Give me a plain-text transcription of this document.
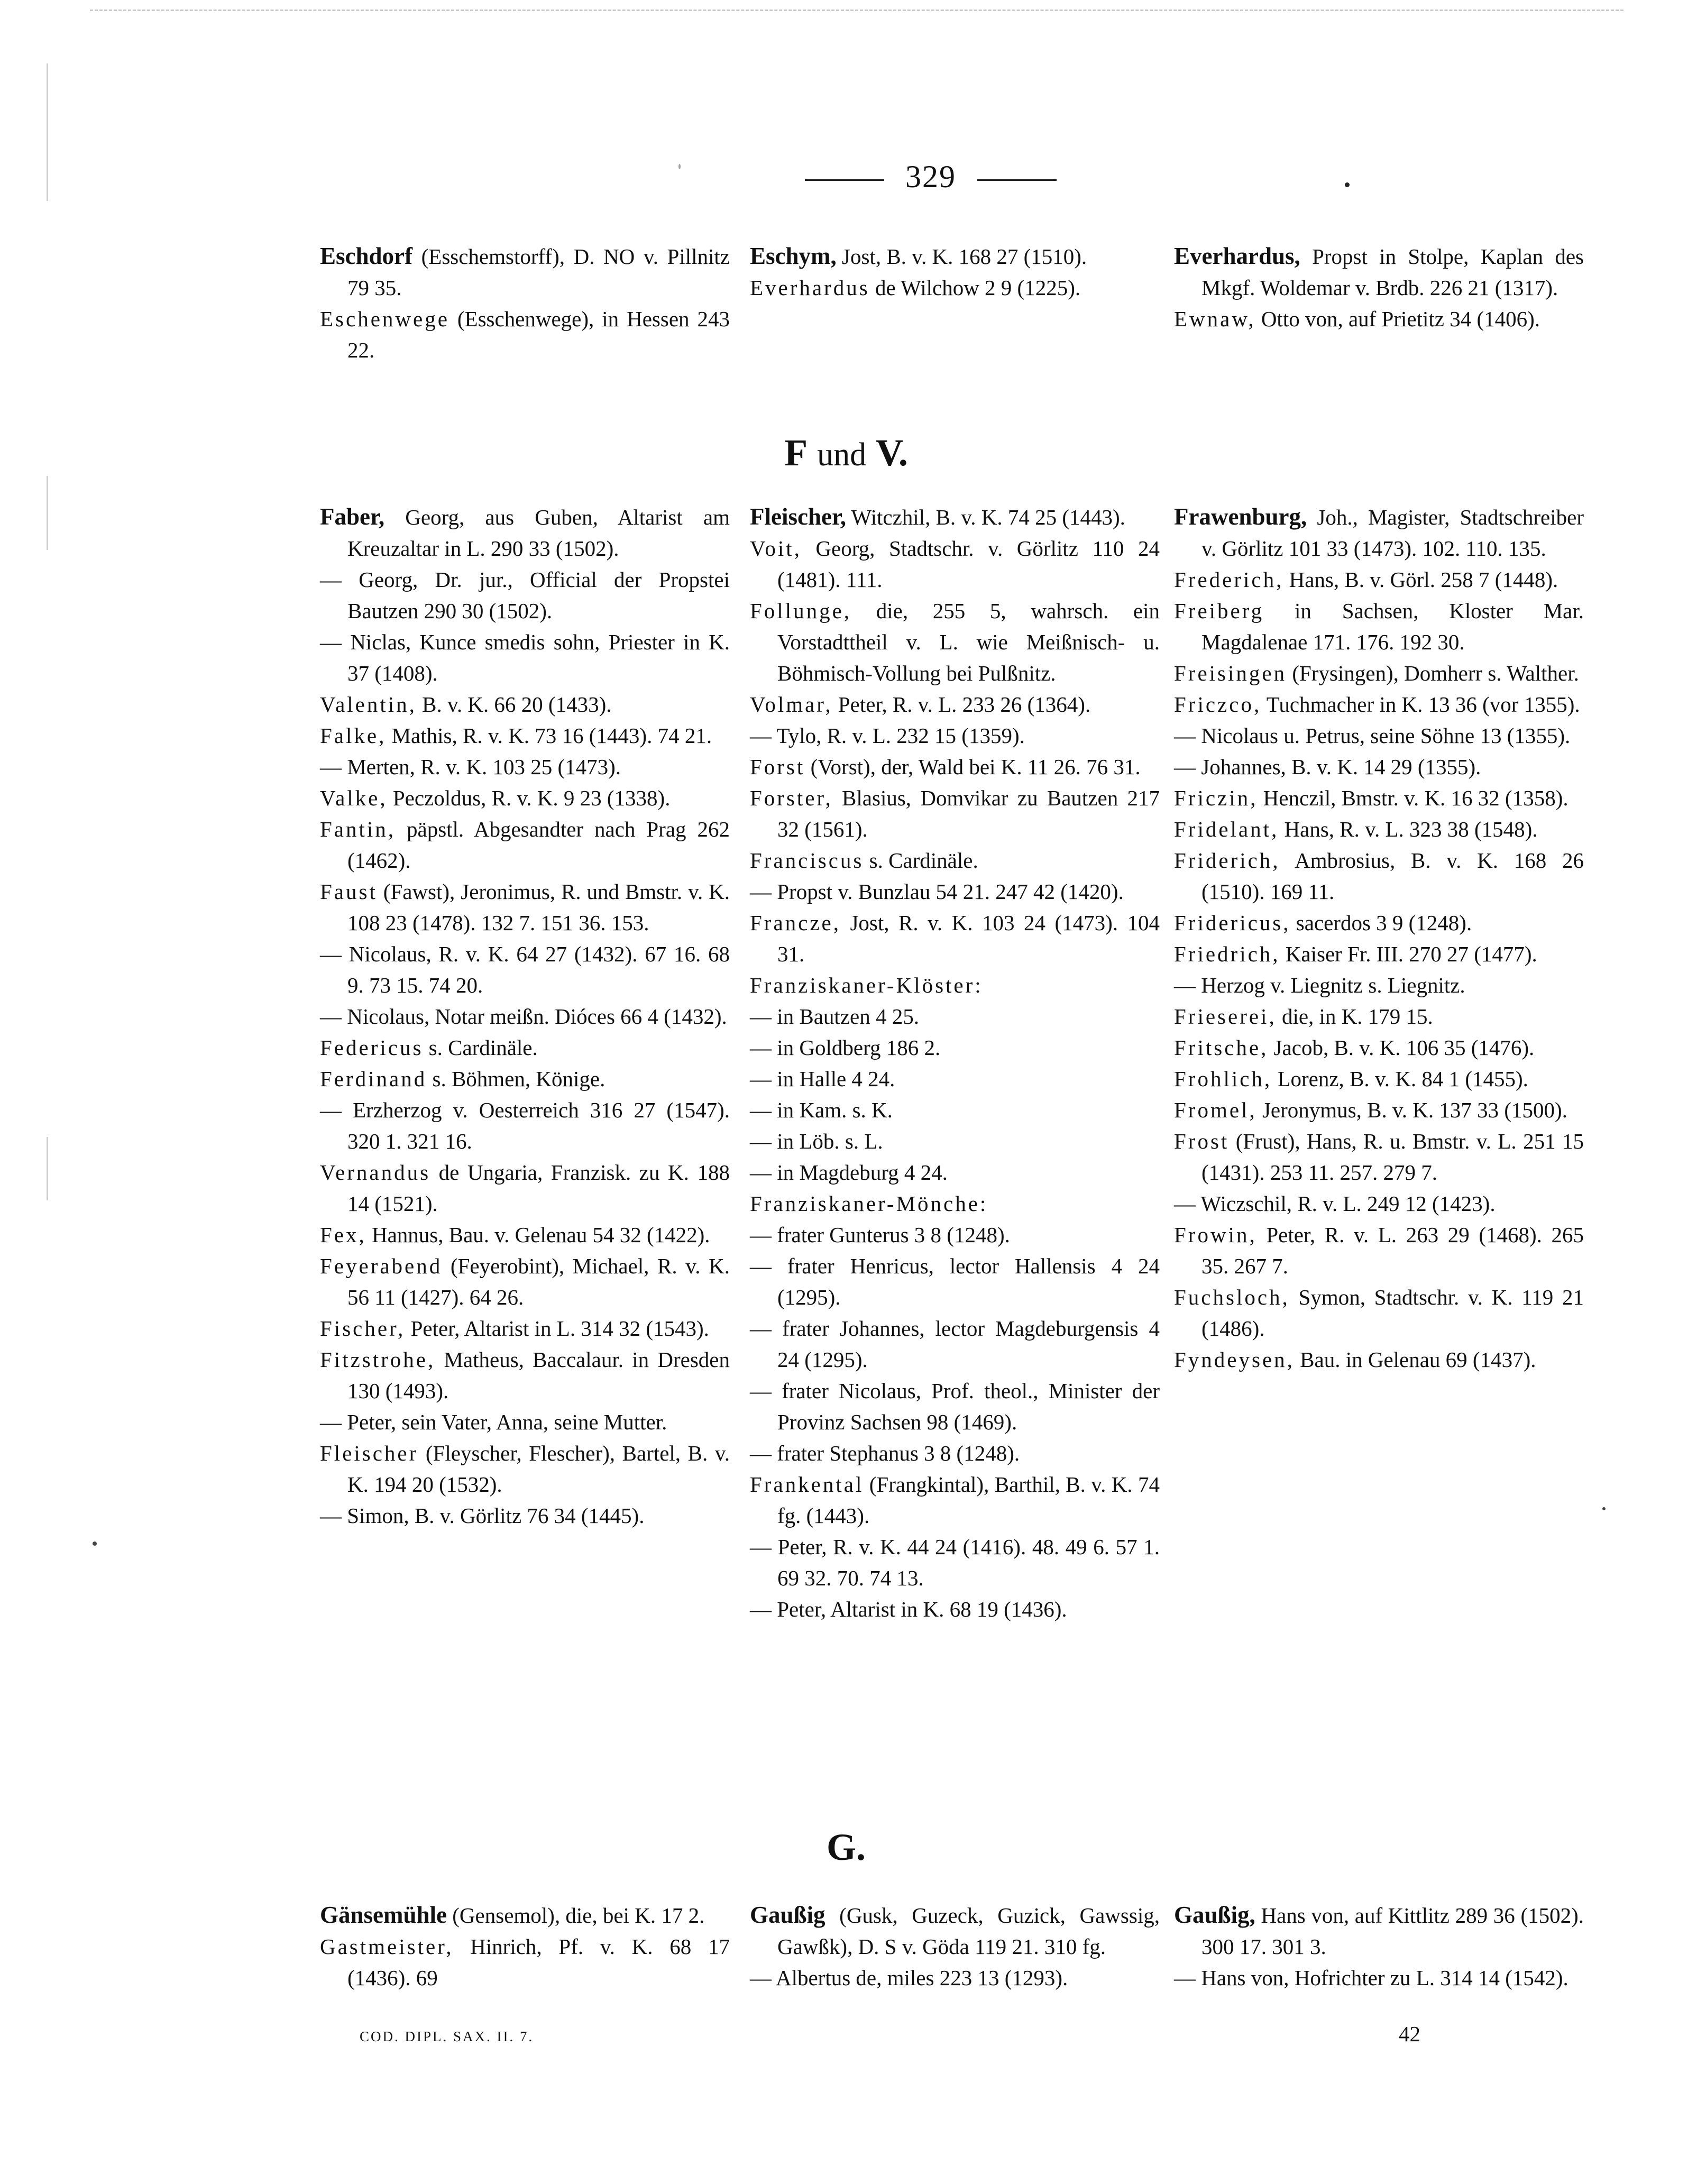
329
Eschdorf (Esschemstorff), D. NO v. Pillnitz 79 35.
Eschenwege (Esschenwege), in Hessen 243 22.
Eschym, Jost, B. v. K. 168 27 (1510).
Everhardus de Wilchow 2 9 (1225).
Everhardus, Propst in Stolpe, Kaplan des Mkgf. Woldemar v. Brdb. 226 21 (1317).
Ewnaw, Otto von, auf Prietitz 34 (1406).
F und V.
Faber, Georg, aus Guben, Altarist am Kreuzaltar in L. 290 33 (1502).
— Georg, Dr. jur., Official der Propstei Bautzen 290 30 (1502).
— Niclas, Kunce smedis sohn, Priester in K. 37 (1408).
Valentin, B. v. K. 66 20 (1433).
Falke, Mathis, R. v. K. 73 16 (1443). 74 21.
— Merten, R. v. K. 103 25 (1473).
Valke, Peczoldus, R. v. K. 9 23 (1338).
Fantin, päpstl. Abgesandter nach Prag 262 (1462).
Faust (Fawst), Jeronimus, R. und Bmstr. v. K. 108 23 (1478). 132 7. 151 36. 153.
— Nicolaus, R. v. K. 64 27 (1432). 67 16. 68 9. 73 15. 74 20.
— Nicolaus, Notar meißn. Dióces 66 4 (1432).
Federicus s. Cardinäle.
Ferdinand s. Böhmen, Könige.
— Erzherzog v. Oesterreich 316 27 (1547). 320 1. 321 16.
Vernandus de Ungaria, Franzisk. zu K. 188 14 (1521).
Fex, Hannus, Bau. v. Gelenau 54 32 (1422).
Feyerabend (Feyerobint), Michael, R. v. K. 56 11 (1427). 64 26.
Fischer, Peter, Altarist in L. 314 32 (1543).
Fitzstrohe, Matheus, Baccalaur. in Dresden 130 (1493).
— Peter, sein Vater, Anna, seine Mutter.
Fleischer (Fleyscher, Flescher), Bartel, B. v. K. 194 20 (1532).
— Simon, B. v. Görlitz 76 34 (1445).
Fleischer, Witczhil, B. v. K. 74 25 (1443).
Voit, Georg, Stadtschr. v. Görlitz 110 24 (1481). 111.
Follunge, die, 255 5, wahrsch. ein Vorstadttheil v. L. wie Meißnisch- u. Böhmisch-Vollung bei Pulßnitz.
Volmar, Peter, R. v. L. 233 26 (1364).
— Tylo, R. v. L. 232 15 (1359).
Forst (Vorst), der, Wald bei K. 11 26. 76 31.
Forster, Blasius, Domvikar zu Bautzen 217 32 (1561).
Franciscus s. Cardinäle.
— Propst v. Bunzlau 54 21. 247 42 (1420).
Francze, Jost, R. v. K. 103 24 (1473). 104 31.
Franziskaner-Klöster:
— in Bautzen 4 25.
— in Goldberg 186 2.
— in Halle 4 24.
— in Kam. s. K.
— in Löb. s. L.
— in Magdeburg 4 24.
Franziskaner-Mönche:
— frater Gunterus 3 8 (1248).
— frater Henricus, lector Hallensis 4 24 (1295).
— frater Johannes, lector Magdeburgensis 4 24 (1295).
— frater Nicolaus, Prof. theol., Minister der Provinz Sachsen 98 (1469).
— frater Stephanus 3 8 (1248).
Frankental (Frangkintal), Barthil, B. v. K. 74 fg. (1443).
— Peter, R. v. K. 44 24 (1416). 48. 49 6. 57 1. 69 32. 70. 74 13.
— Peter, Altarist in K. 68 19 (1436).
Frawenburg, Joh., Magister, Stadtschreiber v. Görlitz 101 33 (1473). 102. 110. 135.
Frederich, Hans, B. v. Görl. 258 7 (1448).
Freiberg in Sachsen, Kloster Mar. Magdalenae 171. 176. 192 30.
Freisingen (Frysingen), Domherr s. Walther.
Friczco, Tuchmacher in K. 13 36 (vor 1355).
— Nicolaus u. Petrus, seine Söhne 13 (1355).
— Johannes, B. v. K. 14 29 (1355).
Friczin, Henczil, Bmstr. v. K. 16 32 (1358).
Fridelant, Hans, R. v. L. 323 38 (1548).
Friderich, Ambrosius, B. v. K. 168 26 (1510). 169 11.
Fridericus, sacerdos 3 9 (1248).
Friedrich, Kaiser Fr. III. 270 27 (1477).
— Herzog v. Liegnitz s. Liegnitz.
Frieserei, die, in K. 179 15.
Fritsche, Jacob, B. v. K. 106 35 (1476).
Frohlich, Lorenz, B. v. K. 84 1 (1455).
Fromel, Jeronymus, B. v. K. 137 33 (1500).
Frost (Frust), Hans, R. u. Bmstr. v. L. 251 15 (1431). 253 11. 257. 279 7.
— Wiczschil, R. v. L. 249 12 (1423).
Frowin, Peter, R. v. L. 263 29 (1468). 265 35. 267 7.
Fuchsloch, Symon, Stadtschr. v. K. 119 21 (1486).
Fyndeysen, Bau. in Gelenau 69 (1437).
G.
Gänsemühle (Gensemol), die, bei K. 17 2.
Gastmeister, Hinrich, Pf. v. K. 68 17 (1436). 69
Gaußig (Gusk, Guzeck, Guzick, Gawssig, Gawßk), D. S v. Göda 119 21. 310 fg.
— Albertus de, miles 223 13 (1293).
Gaußig, Hans von, auf Kittlitz 289 36 (1502). 300 17. 301 3.
— Hans von, Hofrichter zu L. 314 14 (1542).
COD. DIPL. SAX. II. 7.	42
